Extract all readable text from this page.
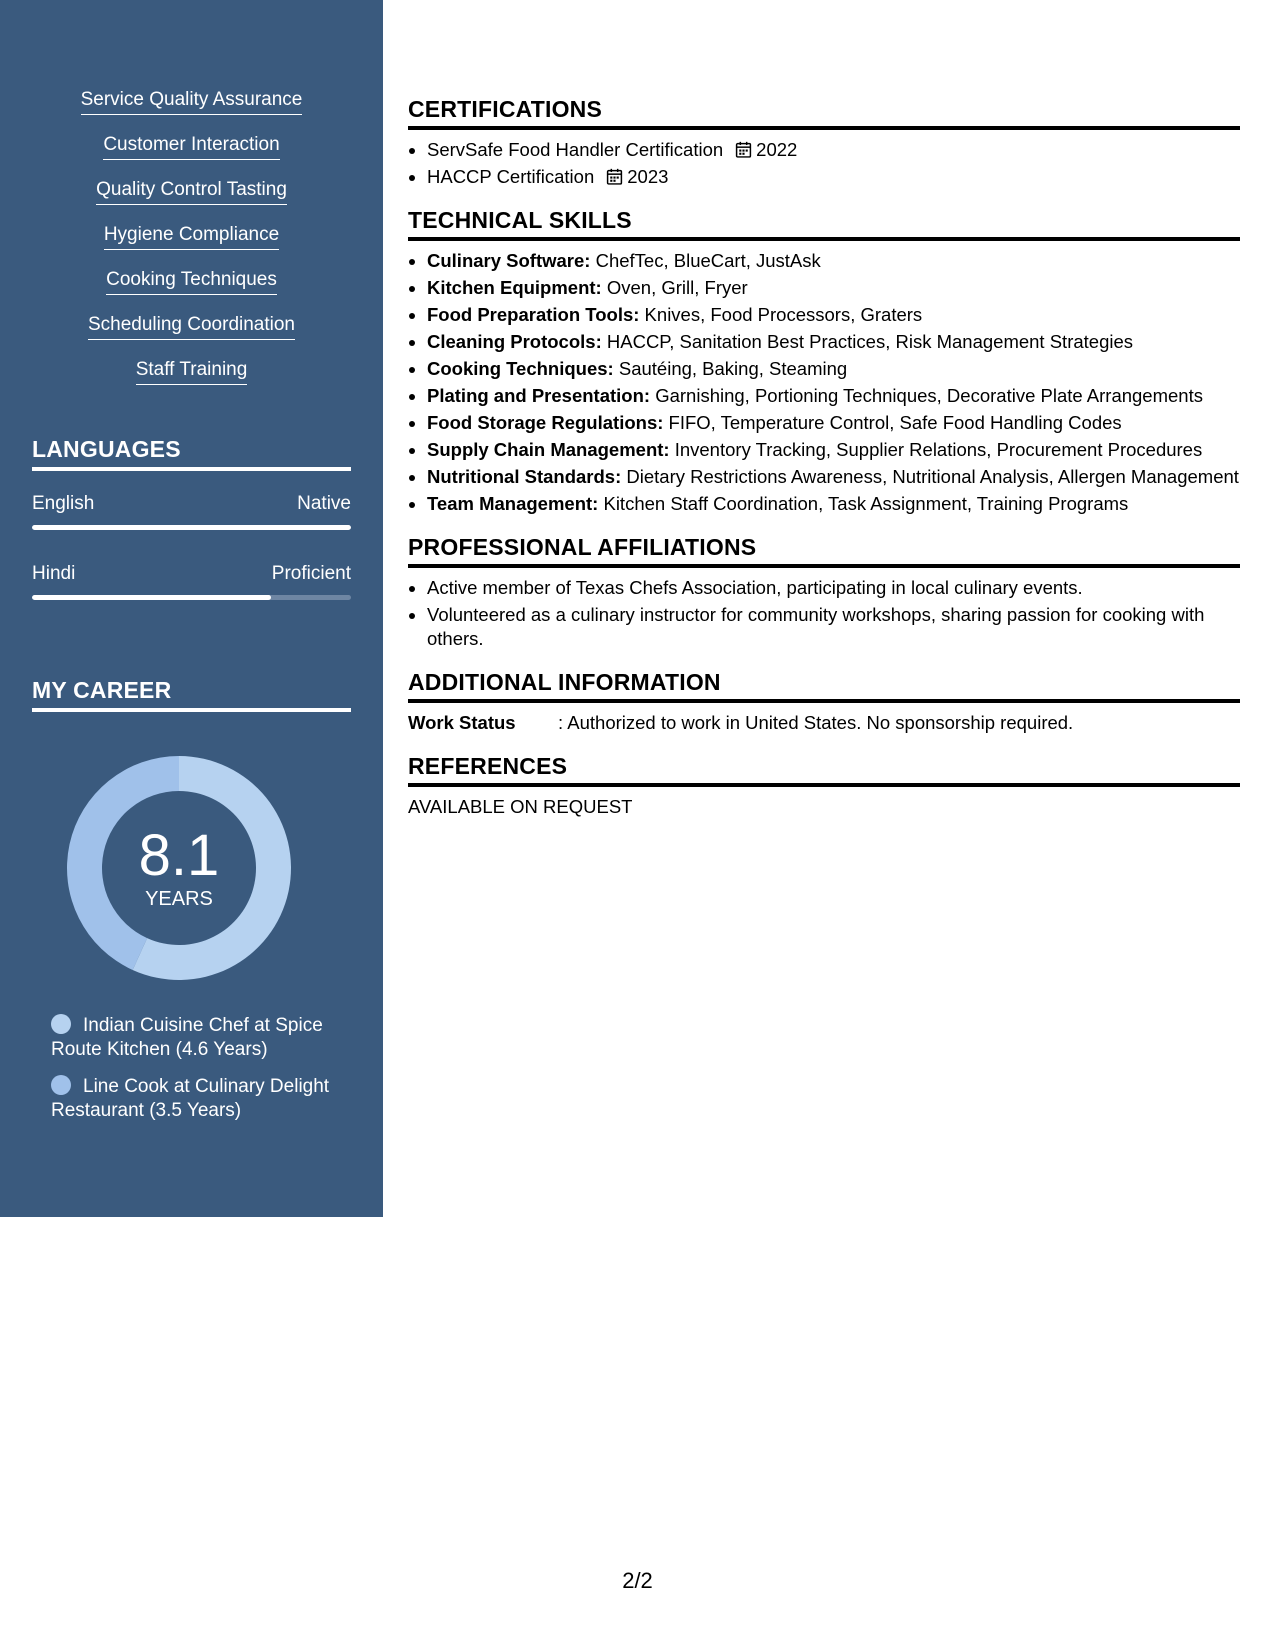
Service Quality Assurance
Customer Interaction
Quality Control Tasting
Hygiene Compliance
Cooking Techniques
Scheduling Coordination
Staff Training
LANGUAGES
English	Native
Hindi	Proficient
MY CAREER
8.1
YEARS
Indian Cuisine Chef at Spice Route Kitchen (4.6 Years)
Line Cook at Culinary Delight Restaurant (3.5 Years)
CERTIFICATIONS
• ServSafe Food Handler Certification 2022
• HACCP Certification 2023
TECHNICAL SKILLS
• Culinary Software: ChefTec, BlueCart, JustAsk
• Kitchen Equipment: Oven, Grill, Fryer
• Food Preparation Tools: Knives, Food Processors, Graters
• Cleaning Protocols: HACCP, Sanitation Best Practices, Risk Management Strategies
• Cooking Techniques: Sautéing, Baking, Steaming
• Plating and Presentation: Garnishing, Portioning Techniques, Decorative Plate Arrangements
• Food Storage Regulations: FIFO, Temperature Control, Safe Food Handling Codes
• Supply Chain Management: Inventory Tracking, Supplier Relations, Procurement Procedures
• Nutritional Standards: Dietary Restrictions Awareness, Nutritional Analysis, Allergen Management
• Team Management: Kitchen Staff Coordination, Task Assignment, Training Programs
PROFESSIONAL AFFILIATIONS
• Active member of Texas Chefs Association, participating in local culinary events.
• Volunteered as a culinary instructor for community workshops, sharing passion for cooking with others.
ADDITIONAL INFORMATION
Work Status : Authorized to work in United States. No sponsorship required.
REFERENCES
AVAILABLE ON REQUEST
2/2
